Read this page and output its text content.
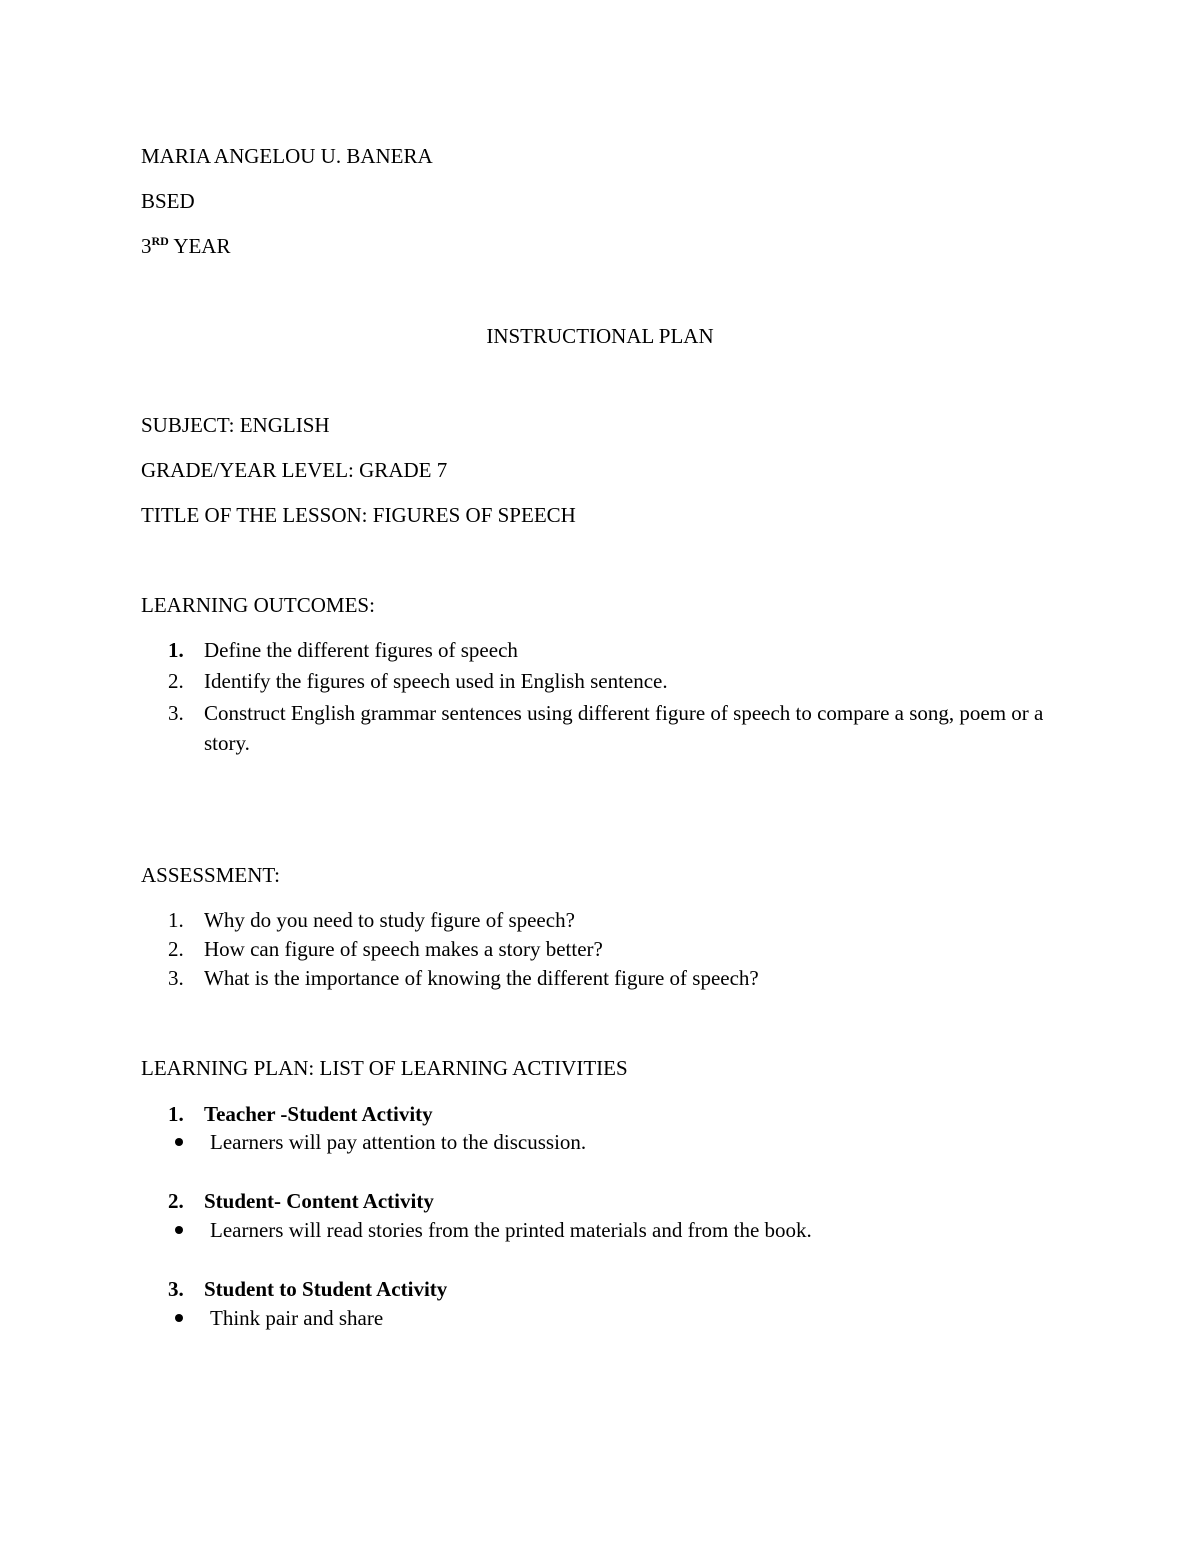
MARIA ANGELOU U. BANERA
BSED
3RD YEAR
INSTRUCTIONAL PLAN
SUBJECT: ENGLISH
GRADE/YEAR LEVEL: GRADE 7
TITLE OF THE LESSON: FIGURES OF SPEECH
LEARNING OUTCOMES:
1. Define the different figures of speech
2. Identify the figures of speech used in English sentence.
3. Construct English grammar sentences using different figure of speech to compare a song, poem or a story.
ASSESSMENT:
1. Why do you need to study figure of speech?
2. How can figure of speech makes a story better?
3. What is the importance of knowing the different figure of speech?
LEARNING PLAN: LIST OF LEARNING ACTIVITIES
1. Teacher -Student Activity
Learners will pay attention to the discussion.
2. Student- Content Activity
Learners will read stories from the printed materials and from the book.
3. Student to Student Activity
Think pair and share
